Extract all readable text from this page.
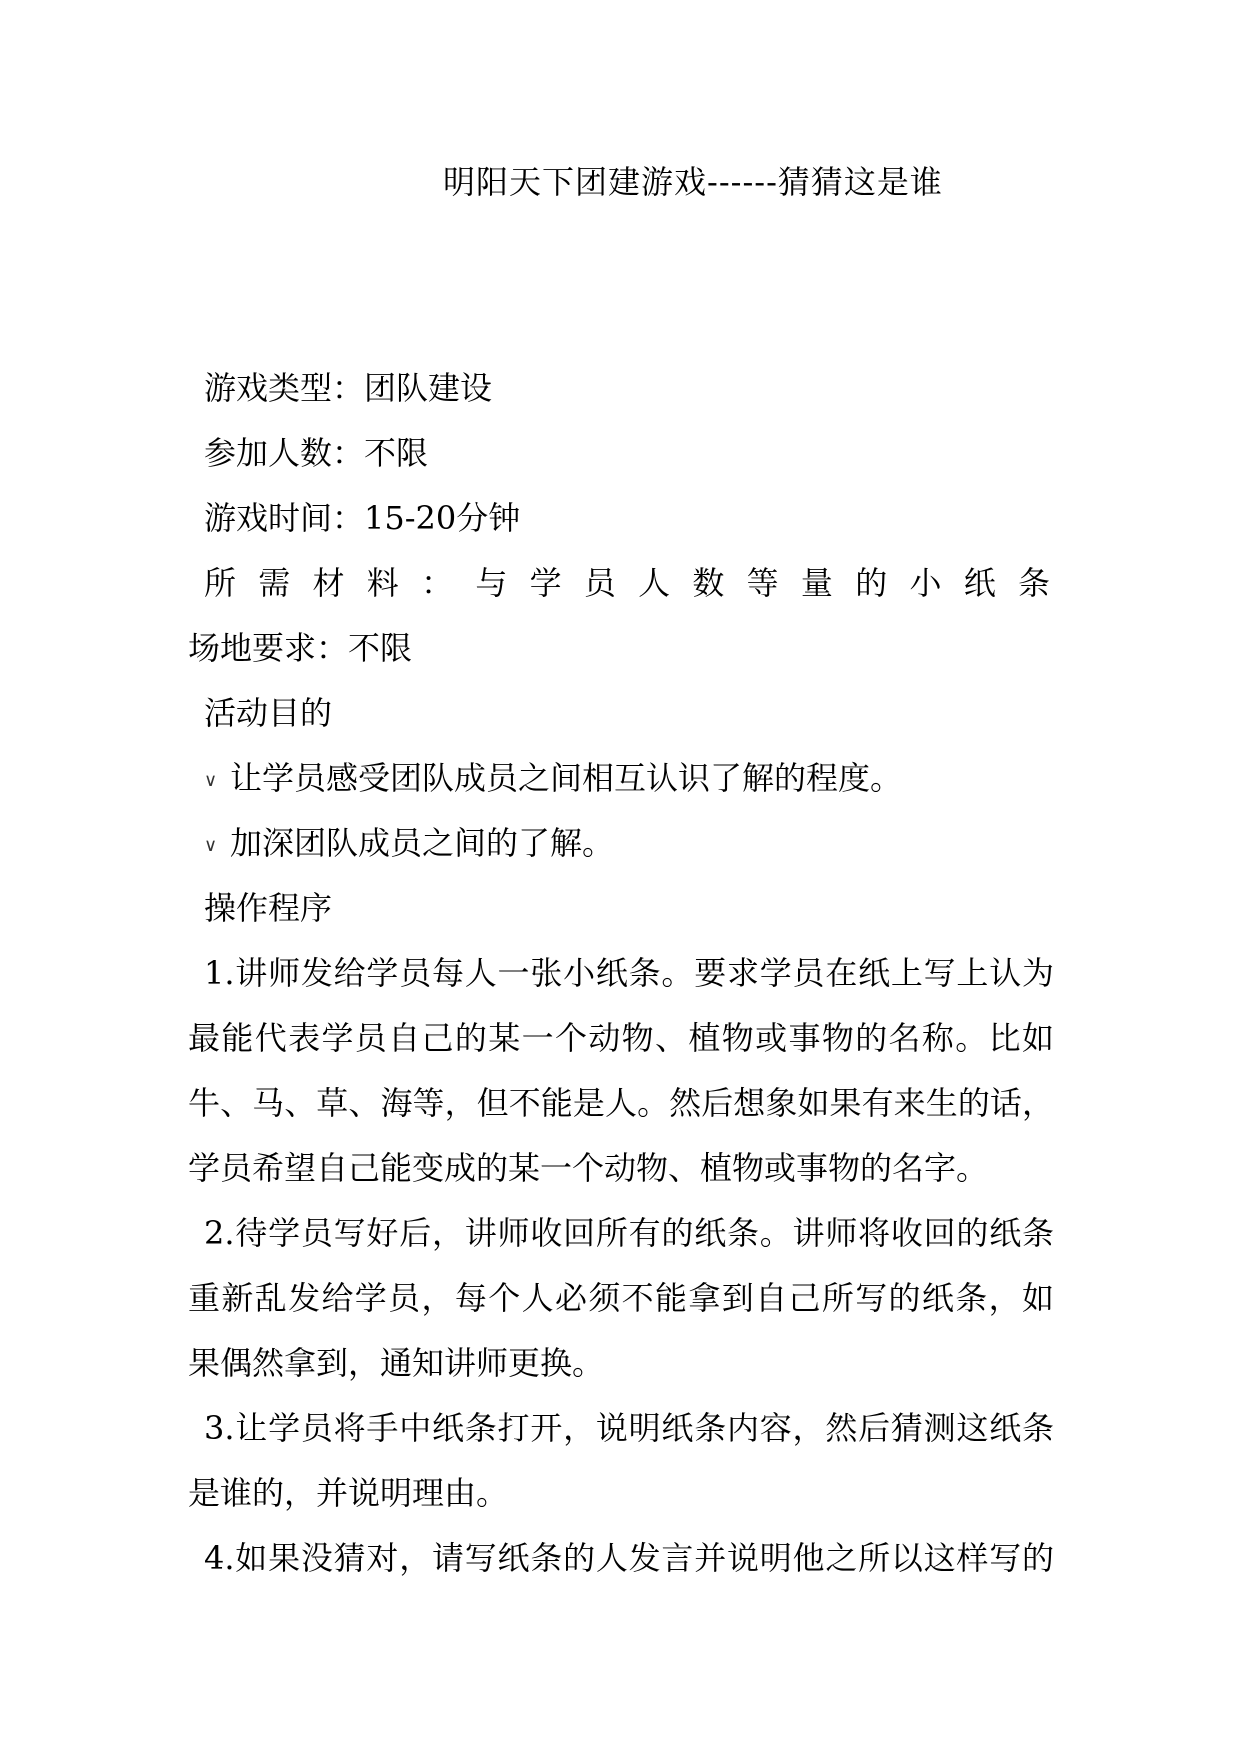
明阳天下团建游戏------猜猜这是谁
游戏类型：团队建设
参加人数：不限
游戏时间：15-20分钟
所 需 材 料 ： 与 学 员 人 数 等 量 的 小 纸 条
场地要求：不限
活动目的
∨ 让学员感受团队成员之间相互认识了解的程度。
∨ 加深团队成员之间的了解。
操作程序
1.讲师发给学员每人一张小纸条。要求学员在纸上写上认为
最能代表学员自己的某一个动物、植物或事物的名称。比如
牛、马、草、海等，但不能是人。然后想象如果有来生的话，
学员希望自己能变成的某一个动物、植物或事物的名字。
2.待学员写好后，讲师收回所有的纸条。讲师将收回的纸条
重新乱发给学员，每个人必须不能拿到自己所写的纸条，如
果偶然拿到，通知讲师更换。
3.让学员将手中纸条打开，说明纸条内容，然后猜测这纸条
是谁的，并说明理由。
4.如果没猜对，请写纸条的人发言并说明他之所以这样写的
